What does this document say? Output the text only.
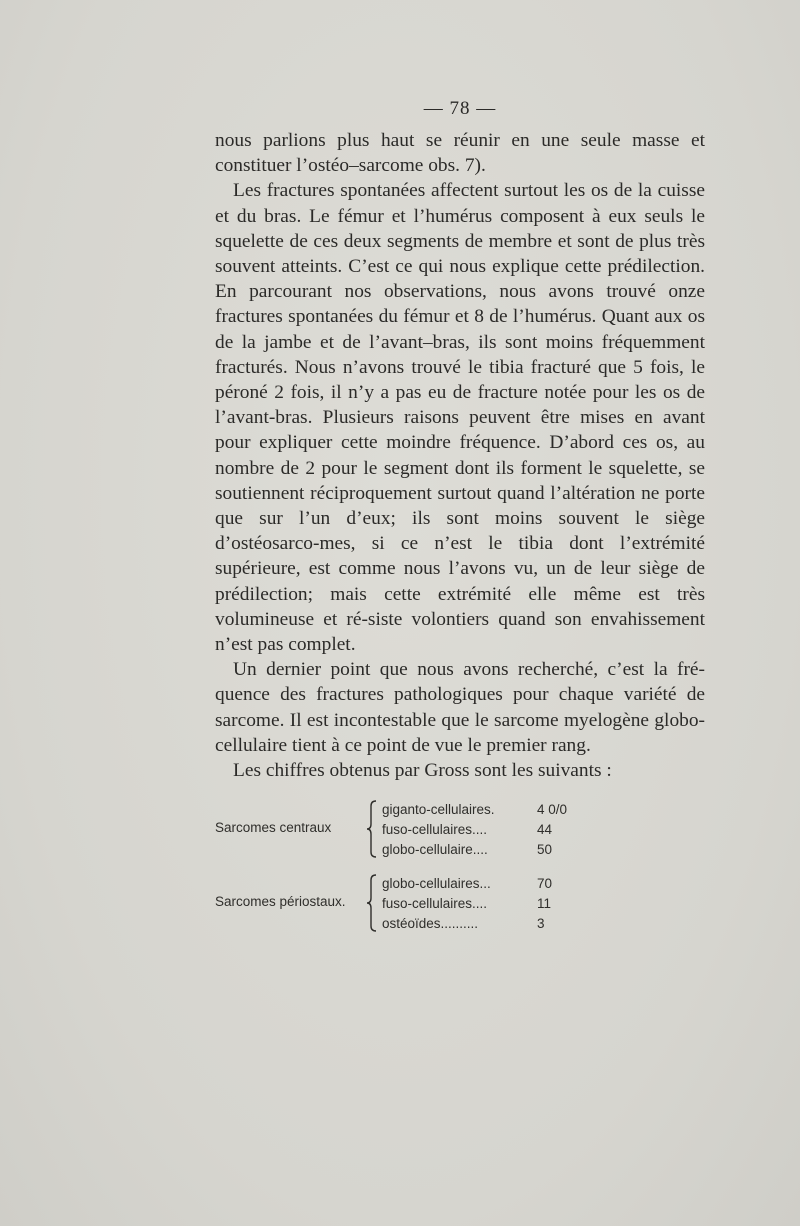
— 78 —

nous parlions plus haut se réunir en une seule masse et constituer l’ostéo–sarcome obs. 7).

Les fractures spontanées affectent surtout les os de la cuisse et du bras. Le fémur et l’humérus composent à eux seuls le squelette de ces deux segments de membre et sont de plus très souvent atteints. C’est ce qui nous explique cette prédilection. En parcourant nos observations, nous avons trouvé onze fractures spontanées du fémur et 8 de l’humérus. Quant aux os de la jambe et de l’avant–bras, ils sont moins fréquemment fracturés. Nous n’avons trouvé le tibia fracturé que 5 fois, le péroné 2 fois, il n’y a pas eu de fracture notée pour les os de l’avant-bras. Plusieurs raisons peuvent être mises en avant pour expliquer cette moindre fréquence. D’abord ces os, au nombre de 2 pour le segment dont ils forment le squelette, se soutiennent réciproquement surtout quand l’altération ne porte que sur l’un d’eux; ils sont moins souvent le siège d’ostéosarco-mes, si ce n’est le tibia dont l’extrémité supérieure, est comme nous l’avons vu, un de leur siège de prédilection; mais cette extrémité elle même est très volumineuse et ré-siste volontiers quand son envahissement n’est pas complet.

Un dernier point que nous avons recherché, c’est la fré-quence des fractures pathologiques pour chaque variété de sarcome. Il est incontestable que le sarcome myelogène globo-cellulaire tient à ce point de vue le premier rang.

Les chiffres obtenus par Gross sont les suivants :

Sarcomes centraux
giganto-cellulaires.	4 0/0
fuso-cellulaires....	44
globo-cellulaire....	50
Sarcomes périostaux.
globo-cellulaires...	70
fuso-cellulaires....	11
ostéoïdes..........	3
